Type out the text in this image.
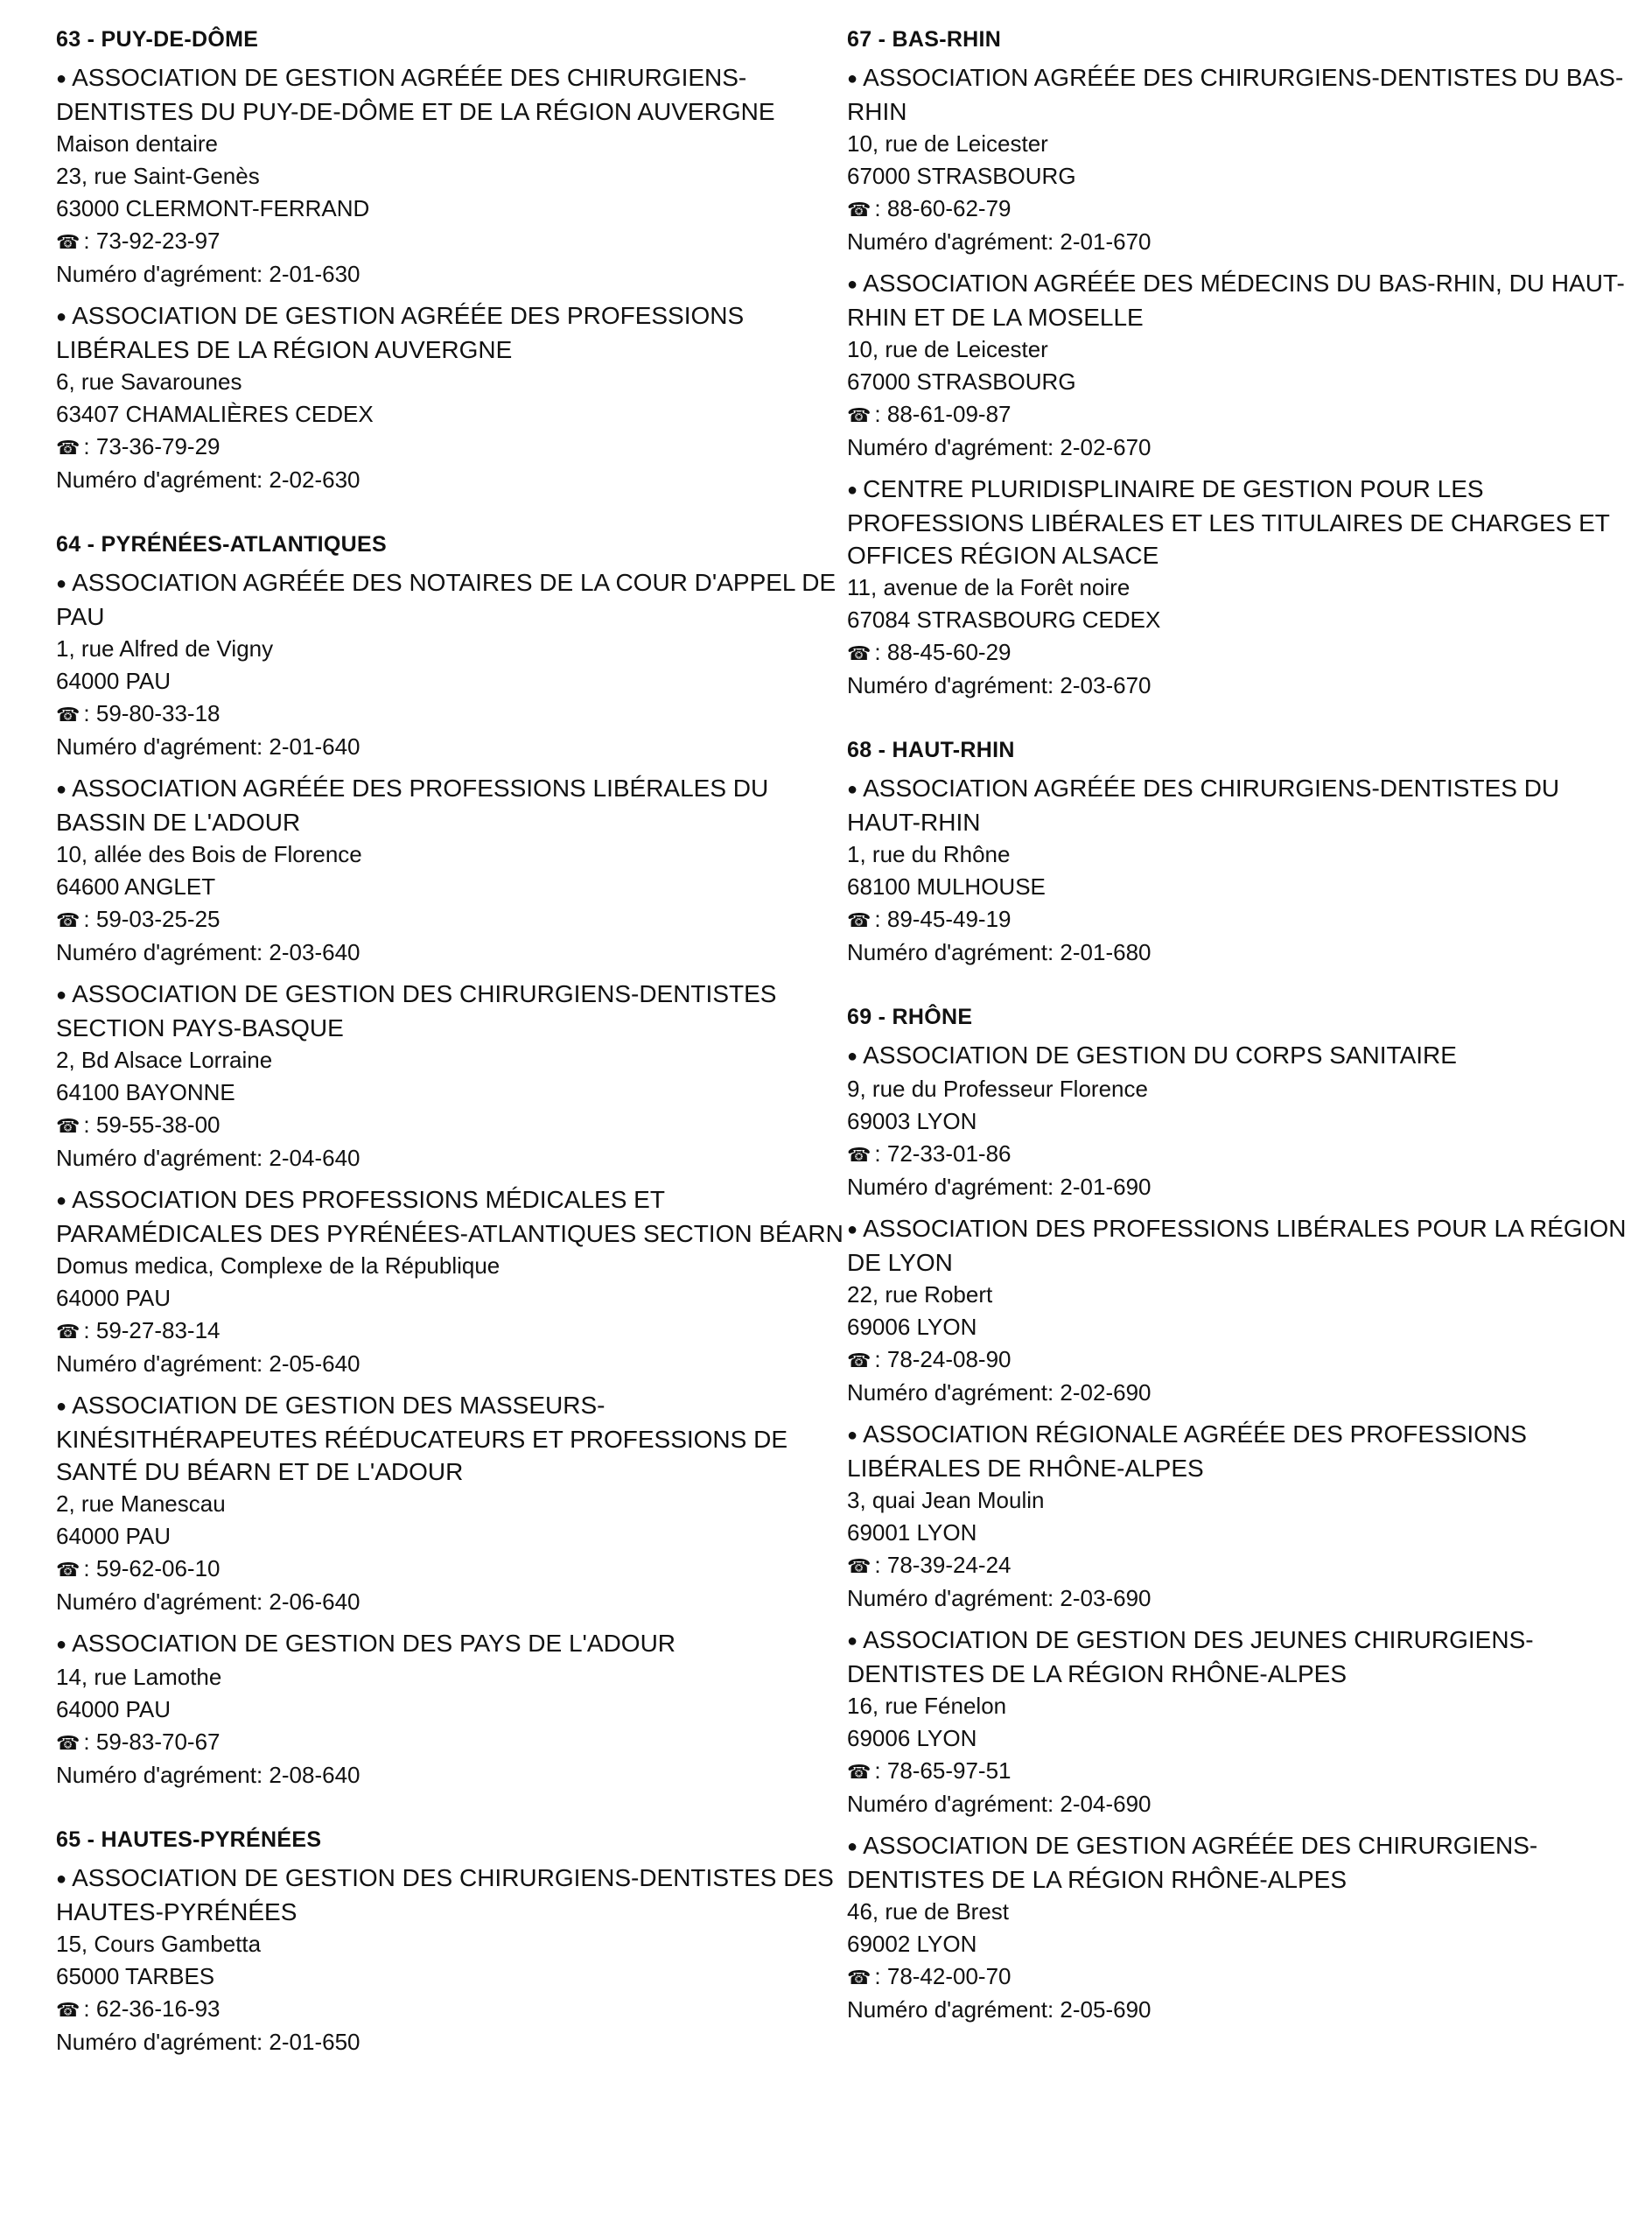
63 - PUY-DE-DÔME
● ASSOCIATION DE GESTION AGRÉÉE DES CHIRURGIENS-DENTISTES DU PUY-DE-DÔME ET DE LA RÉGION AUVERGNE
Maison dentaire
23, rue Saint-Genès
63000 CLERMONT-FERRAND
☎ : 73-92-23-97
Numéro d'agrément: 2-01-630
● ASSOCIATION DE GESTION AGRÉÉE DES PROFESSIONS LIBÉRALES DE LA RÉGION AUVERGNE
6, rue Savarounes
63407 CHAMALIÈRES CEDEX
☎ : 73-36-79-29
Numéro d'agrément: 2-02-630
64 - PYRÉNÉES-ATLANTIQUES
● ASSOCIATION AGRÉÉE DES NOTAIRES DE LA COUR D'APPEL DE PAU
1, rue Alfred de Vigny
64000 PAU
☎ : 59-80-33-18
Numéro d'agrément: 2-01-640
● ASSOCIATION AGRÉÉE DES PROFESSIONS LIBÉRALES DU BASSIN DE L'ADOUR
10, allée des Bois de Florence
64600 ANGLET
☎ : 59-03-25-25
Numéro d'agrément: 2-03-640
● ASSOCIATION DE GESTION DES CHIRURGIENS-DENTISTES SECTION PAYS-BASQUE
2, Bd Alsace Lorraine
64100 BAYONNE
☎ : 59-55-38-00
Numéro d'agrément: 2-04-640
● ASSOCIATION DES PROFESSIONS MÉDICALES ET PARAMÉDICALES DES PYRÉNÉES-ATLANTIQUES SECTION BÉARN
Domus medica, Complexe de la République
64000 PAU
☎ : 59-27-83-14
Numéro d'agrément: 2-05-640
● ASSOCIATION DE GESTION DES MASSEURS-KINÉSITHÉRAPEUTES RÉÉDUCATEURS ET PROFESSIONS DE SANTÉ DU BÉARN ET DE L'ADOUR
2, rue Manescau
64000 PAU
☎ : 59-62-06-10
Numéro d'agrément: 2-06-640
● ASSOCIATION DE GESTION DES PAYS DE L'ADOUR
14, rue Lamothe
64000 PAU
☎ : 59-83-70-67
Numéro d'agrément: 2-08-640
65 - HAUTES-PYRÉNÉES
● ASSOCIATION DE GESTION DES CHIRURGIENS-DENTISTES DES HAUTES-PYRÉNÉES
15, Cours Gambetta
65000 TARBES
☎ : 62-36-16-93
Numéro d'agrément: 2-01-650
67 - BAS-RHIN
● ASSOCIATION AGRÉÉE DES CHIRURGIENS-DENTISTES DU BAS-RHIN
10, rue de Leicester
67000 STRASBOURG
☎ : 88-60-62-79
Numéro d'agrément: 2-01-670
● ASSOCIATION AGRÉÉE DES MÉDECINS DU BAS-RHIN, DU HAUT-RHIN ET DE LA MOSELLE
10, rue de Leicester
67000 STRASBOURG
☎ : 88-61-09-87
Numéro d'agrément: 2-02-670
● CENTRE PLURIDISPLINAIRE DE GESTION POUR LES PROFESSIONS LIBÉRALES ET LES TITULAIRES DE CHARGES ET OFFICES RÉGION ALSACE
11, avenue de la Forêt noire
67084 STRASBOURG CEDEX
☎ : 88-45-60-29
Numéro d'agrément: 2-03-670
68 - HAUT-RHIN
● ASSOCIATION AGRÉÉE DES CHIRURGIENS-DENTISTES DU HAUT-RHIN
1, rue du Rhône
68100 MULHOUSE
☎ : 89-45-49-19
Numéro d'agrément: 2-01-680
69 - RHÔNE
● ASSOCIATION DE GESTION DU CORPS SANITAIRE
9, rue du Professeur Florence
69003 LYON
☎ : 72-33-01-86
Numéro d'agrément: 2-01-690
● ASSOCIATION DES PROFESSIONS LIBÉRALES POUR LA RÉGION DE LYON
22, rue Robert
69006 LYON
☎ : 78-24-08-90
Numéro d'agrément: 2-02-690
● ASSOCIATION RÉGIONALE AGRÉÉE DES PROFESSIONS LIBÉRALES DE RHÔNE-ALPES
3, quai Jean Moulin
69001 LYON
☎ : 78-39-24-24
Numéro d'agrément: 2-03-690
● ASSOCIATION DE GESTION DES JEUNES CHIRURGIENS-DENTISTES DE LA RÉGION RHÔNE-ALPES
16, rue Fénelon
69006 LYON
☎ : 78-65-97-51
Numéro d'agrément: 2-04-690
● ASSOCIATION DE GESTION AGRÉÉE DES CHIRURGIENS-DENTISTES DE LA RÉGION RHÔNE-ALPES
46, rue de Brest
69002 LYON
☎ : 78-42-00-70
Numéro d'agrément: 2-05-690
